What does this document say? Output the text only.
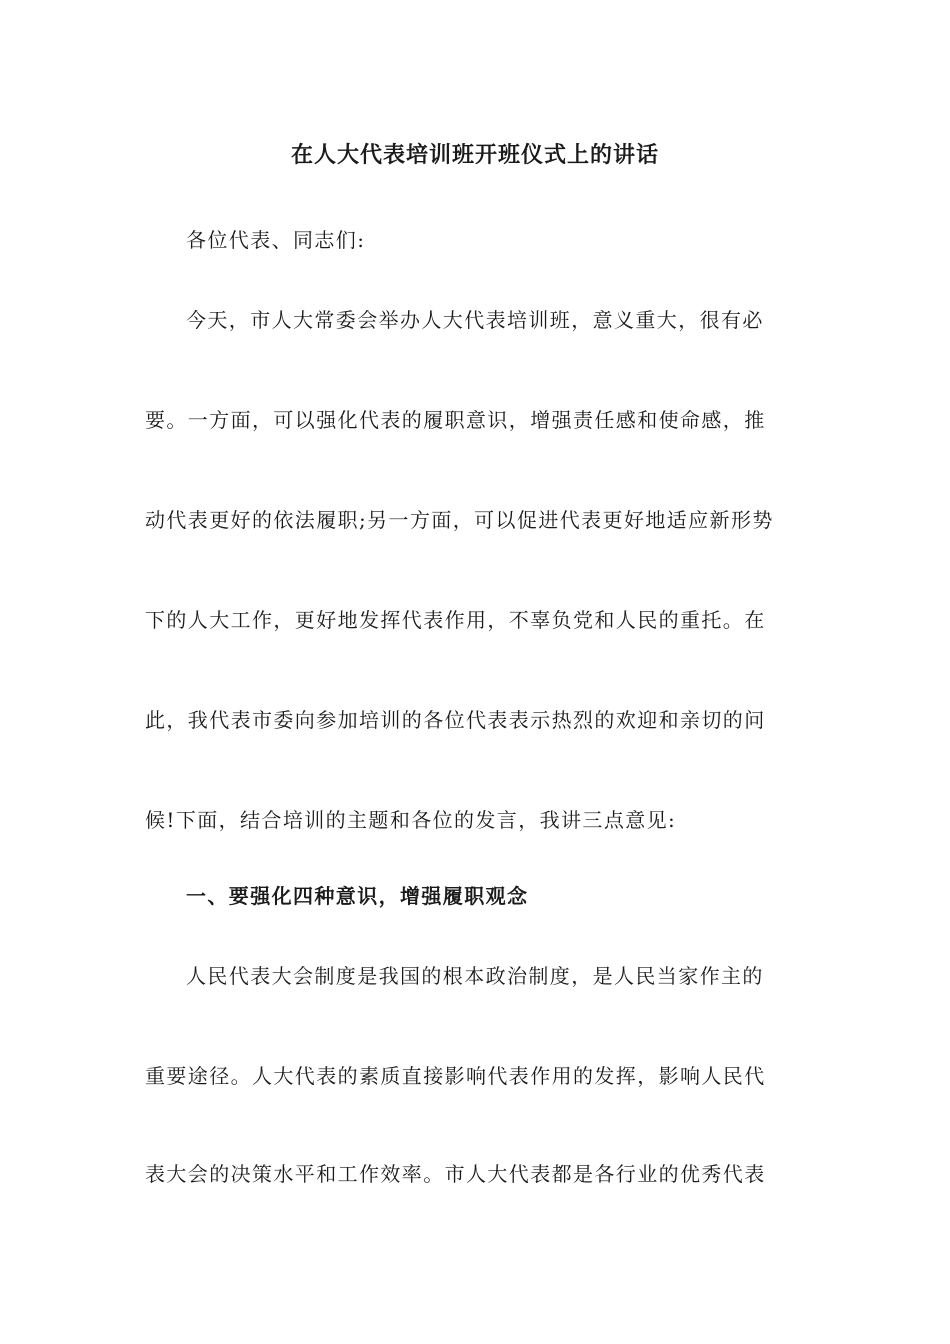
在人大代表培训班开班仪式上的讲话
各位代表、同志们:
今天，市人大常委会举办人大代表培训班，意义重大，很有必
要。一方面，可以强化代表的履职意识，增强责任感和使命感，推
动代表更好的依法履职;另一方面，可以促进代表更好地适应新形势
下的人大工作，更好地发挥代表作用，不辜负党和人民的重托。在
此，我代表市委向参加培训的各位代表表示热烈的欢迎和亲切的问
候!下面，结合培训的主题和各位的发言，我讲三点意见:
一、要强化四种意识，增强履职观念
人民代表大会制度是我国的根本政治制度，是人民当家作主的
重要途径。人大代表的素质直接影响代表作用的发挥，影响人民代
表大会的决策水平和工作效率。市人大代表都是各行业的优秀代表
